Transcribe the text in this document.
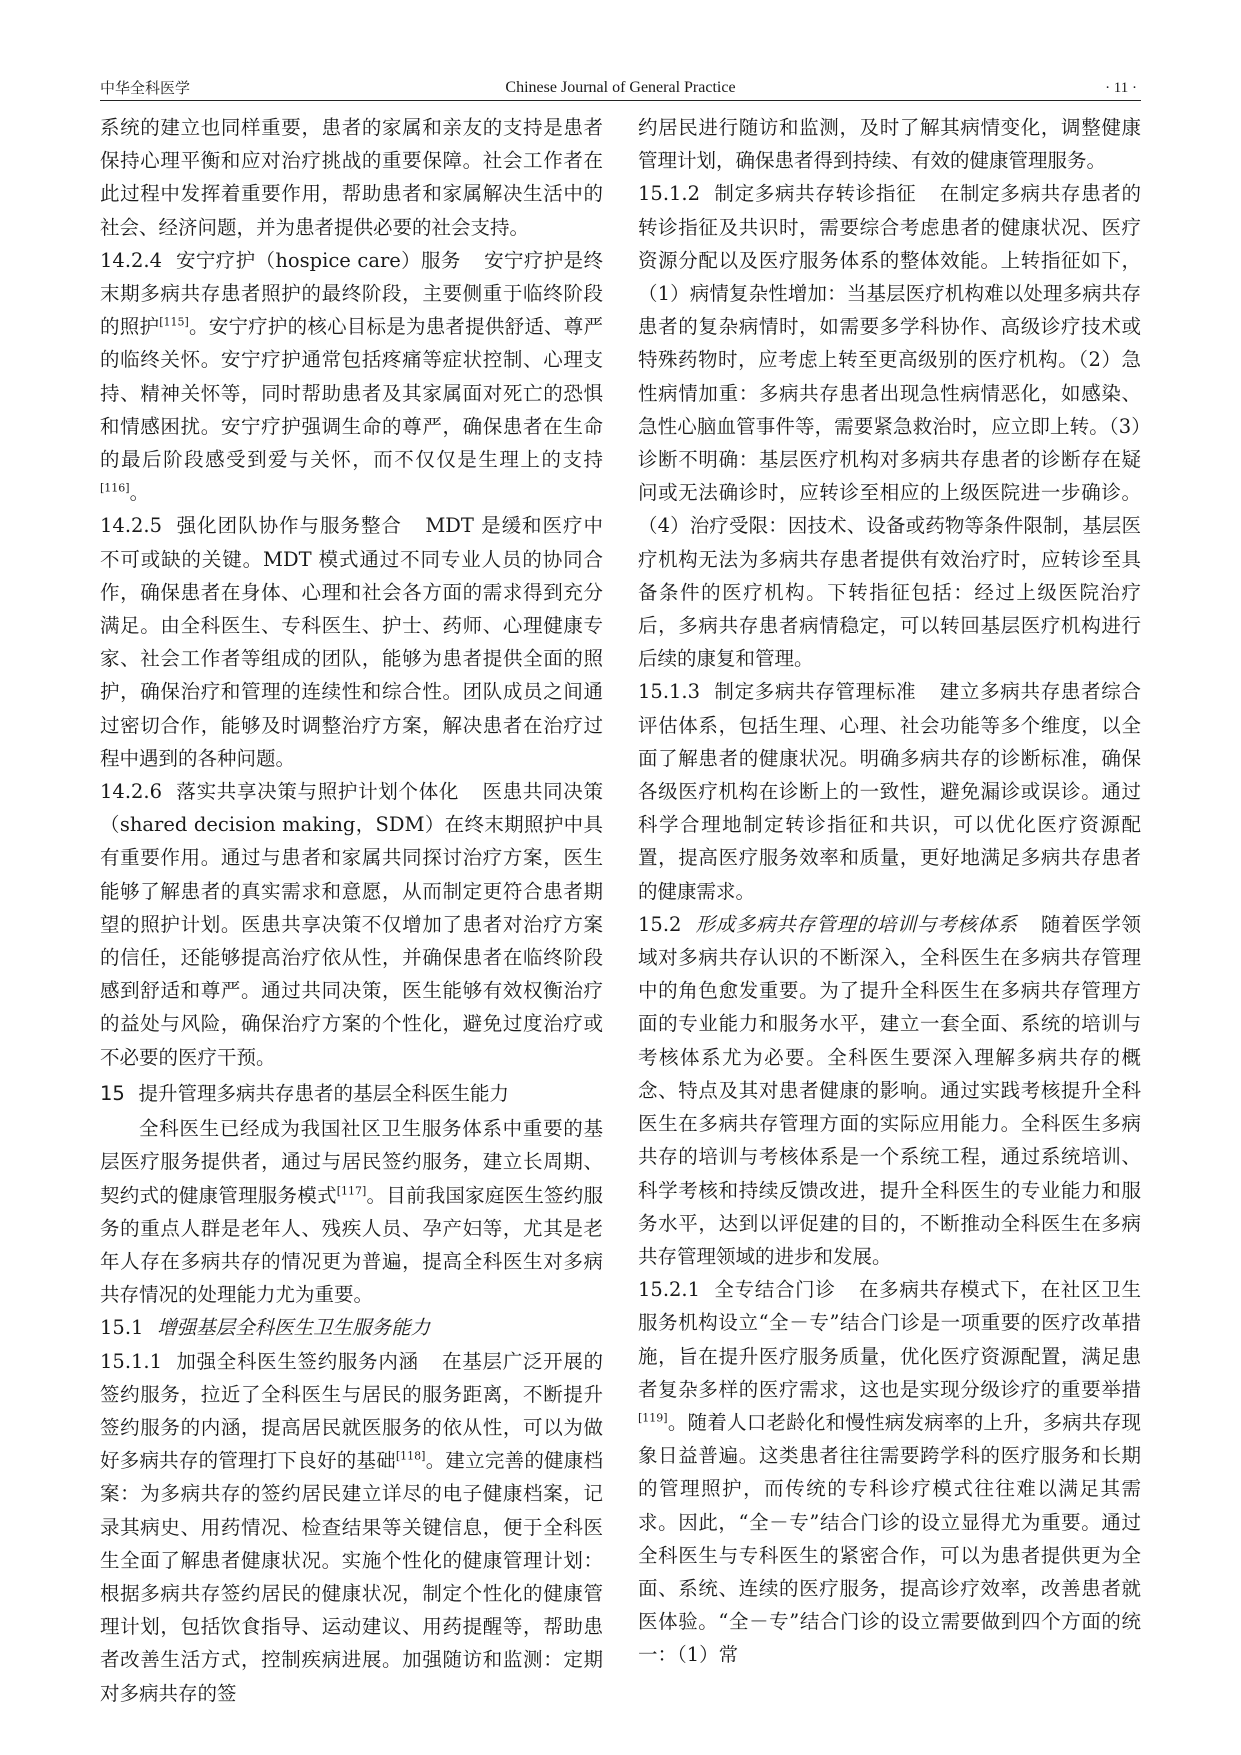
中华全科医学	Chinese Journal of General Practice	· 11 ·

系统的建立也同样重要，患者的家属和亲友的支持是患者保持心理平衡和应对治疗挑战的重要保障。社会工作者在此过程中发挥着重要作用，帮助患者和家属解决生活中的社会、经济问题，并为患者提供必要的社会支持。

14.2.4 安宁疗护（hospice care）服务 安宁疗护是终末期多病共存患者照护的最终阶段，主要侧重于临终阶段的照护[115]。安宁疗护的核心目标是为患者提供舒适、尊严的临终关怀。安宁疗护通常包括疼痛等症状控制、心理支持、精神关怀等，同时帮助患者及其家属面对死亡的恐惧和情感困扰。安宁疗护强调生命的尊严，确保患者在生命的最后阶段感受到爱与关怀，而不仅仅是生理上的支持[116]。

14.2.5 强化团队协作与服务整合 MDT 是缓和医疗中不可或缺的关键。MDT 模式通过不同专业人员的协同合作，确保患者在身体、心理和社会各方面的需求得到充分满足。由全科医生、专科医生、护士、药师、心理健康专家、社会工作者等组成的团队，能够为患者提供全面的照护，确保治疗和管理的连续性和综合性。团队成员之间通过密切合作，能够及时调整治疗方案，解决患者在治疗过程中遇到的各种问题。

14.2.6 落实共享决策与照护计划个体化 医患共同决策（shared decision making，SDM）在终末期照护中具有重要作用。通过与患者和家属共同探讨治疗方案，医生能够了解患者的真实需求和意愿，从而制定更符合患者期望的照护计划。医患共享决策不仅增加了患者对治疗方案的信任，还能够提高治疗依从性，并确保患者在临终阶段感到舒适和尊严。通过共同决策，医生能够有效权衡治疗的益处与风险，确保治疗方案的个性化，避免过度治疗或不必要的医疗干预。

15 提升管理多病共存患者的基层全科医生能力

全科医生已经成为我国社区卫生服务体系中重要的基层医疗服务提供者，通过与居民签约服务，建立长周期、契约式的健康管理服务模式[117]。目前我国家庭医生签约服务的重点人群是老年人、残疾人员、孕产妇等，尤其是老年人存在多病共存的情况更为普遍，提高全科医生对多病共存情况的处理能力尤为重要。

15.1 增强基层全科医生卫生服务能力

15.1.1 加强全科医生签约服务内涵 在基层广泛开展的签约服务，拉近了全科医生与居民的服务距离，不断提升签约服务的内涵，提高居民就医服务的依从性，可以为做好多病共存的管理打下良好的基础[118]。建立完善的健康档案：为多病共存的签约居民建立详尽的电子健康档案，记录其病史、用药情况、检查结果等关键信息，便于全科医生全面了解患者健康状况。实施个性化的健康管理计划：根据多病共存签约居民的健康状况，制定个性化的健康管理计划，包括饮食指导、运动建议、用药提醒等，帮助患者改善生活方式，控制疾病进展。加强随访和监测：定期对多病共存的签

约居民进行随访和监测，及时了解其病情变化，调整健康管理计划，确保患者得到持续、有效的健康管理服务。

15.1.2 制定多病共存转诊指征 在制定多病共存患者的转诊指征及共识时，需要综合考虑患者的健康状况、医疗资源分配以及医疗服务体系的整体效能。上转指征如下，（1）病情复杂性增加：当基层医疗机构难以处理多病共存患者的复杂病情时，如需要多学科协作、高级诊疗技术或特殊药物时，应考虑上转至更高级别的医疗机构。（2）急性病情加重：多病共存患者出现急性病情恶化，如感染、急性心脑血管事件等，需要紧急救治时，应立即上转。（3）诊断不明确：基层医疗机构对多病共存患者的诊断存在疑问或无法确诊时，应转诊至相应的上级医院进一步确诊。（4）治疗受限：因技术、设备或药物等条件限制，基层医疗机构无法为多病共存患者提供有效治疗时，应转诊至具备条件的医疗机构。下转指征包括：经过上级医院治疗后，多病共存患者病情稳定，可以转回基层医疗机构进行后续的康复和管理。

15.1.3 制定多病共存管理标准 建立多病共存患者综合评估体系，包括生理、心理、社会功能等多个维度，以全面了解患者的健康状况。明确多病共存的诊断标准，确保各级医疗机构在诊断上的一致性，避免漏诊或误诊。通过科学合理地制定转诊指征和共识，可以优化医疗资源配置，提高医疗服务效率和质量，更好地满足多病共存患者的健康需求。

15.2 形成多病共存管理的培训与考核体系 随着医学领域对多病共存认识的不断深入，全科医生在多病共存管理中的角色愈发重要。为了提升全科医生在多病共存管理方面的专业能力和服务水平，建立一套全面、系统的培训与考核体系尤为必要。全科医生要深入理解多病共存的概念、特点及其对患者健康的影响。通过实践考核提升全科医生在多病共存管理方面的实际应用能力。全科医生多病共存的培训与考核体系是一个系统工程，通过系统培训、科学考核和持续反馈改进，提升全科医生的专业能力和服务水平，达到以评促建的目的，不断推动全科医生在多病共存管理领域的进步和发展。

15.2.1 全专结合门诊 在多病共存模式下，在社区卫生服务机构设立“全－专”结合门诊是一项重要的医疗改革措施，旨在提升医疗服务质量，优化医疗资源配置，满足患者复杂多样的医疗需求，这也是实现分级诊疗的重要举措[119]。随着人口老龄化和慢性病发病率的上升，多病共存现象日益普遍。这类患者往往需要跨学科的医疗服务和长期的管理照护，而传统的专科诊疗模式往往难以满足其需求。因此，“全－专”结合门诊的设立显得尤为重要。通过全科医生与专科医生的紧密合作，可以为患者提供更为全面、系统、连续的医疗服务，提高诊疗效率，改善患者就医体验。“全－专”结合门诊的设立需要做到四个方面的统一：（1）常
